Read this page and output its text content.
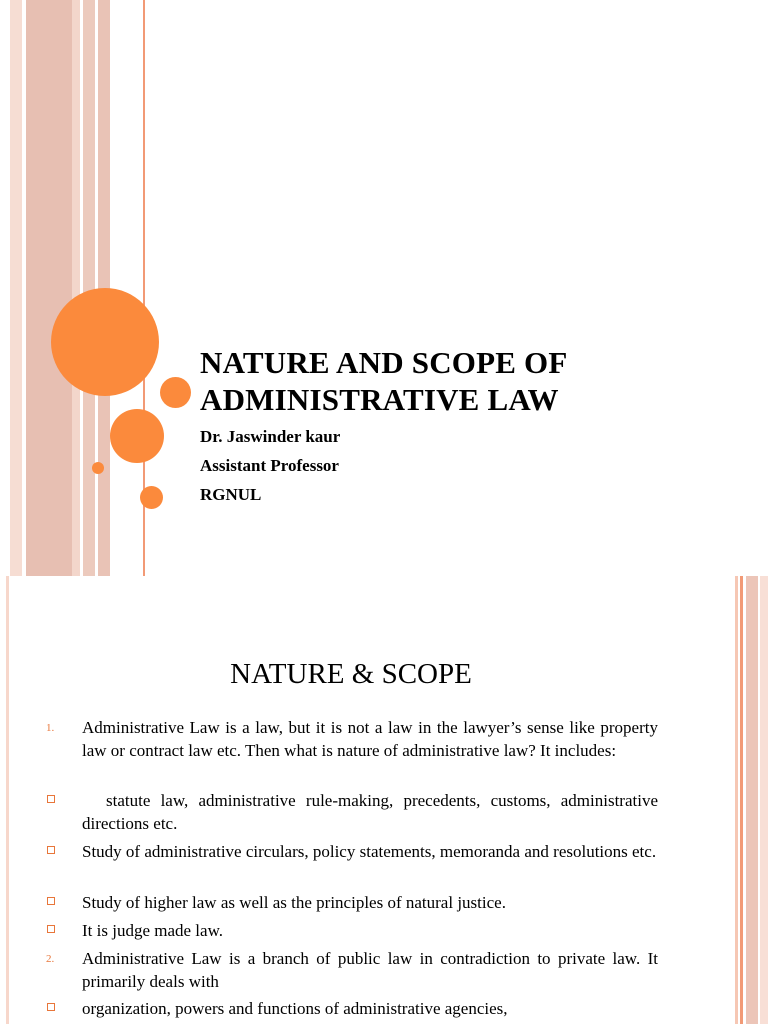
NATURE AND SCOPE OF ADMINISTRATIVE LAW

Dr. Jaswinder kaur

Assistant Professor

RGNUL

NATURE & SCOPE
1. Administrative Law is a law, but it is not a law in the lawyer’s sense like property law or contract law etc. Then what is nature of administrative law? It includes:
statute law, administrative rule-making, precedents, customs, administrative directions etc.
Study of administrative circulars, policy statements, memoranda and resolutions etc.
Study of higher law as well as the principles of natural justice.
It is judge made law.
2. Administrative Law is a branch of public law in contradiction to private law. It primarily deals with
organization, powers and functions of administrative agencies,
